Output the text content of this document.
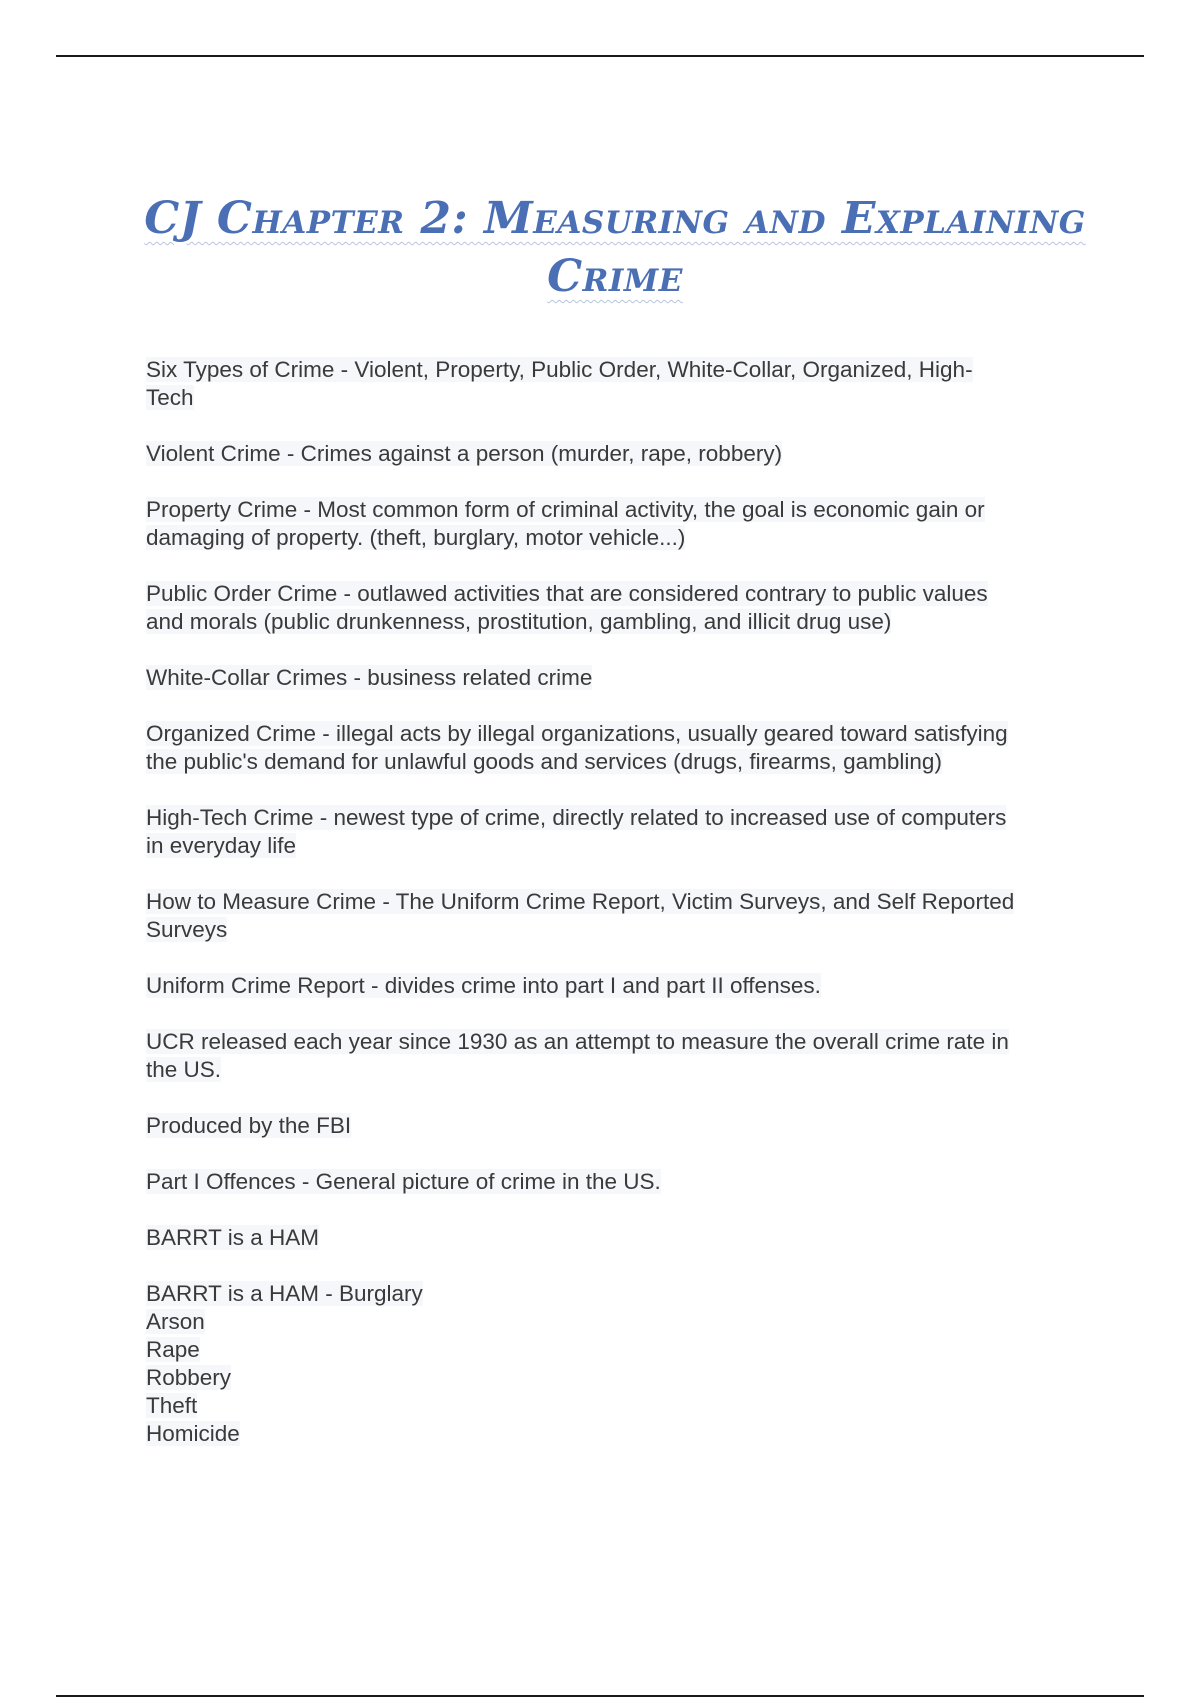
CJ Chapter 2: Measuring and Explaining
Crime

Six Types of Crime - Violent, Property, Public Order, White-Collar, Organized, High-
Tech

Violent Crime - Crimes against a person (murder, rape, robbery)

Property Crime - Most common form of criminal activity, the goal is economic gain or
damaging of property. (theft, burglary, motor vehicle...)

Public Order Crime - outlawed activities that are considered contrary to public values
and morals (public drunkenness, prostitution, gambling, and illicit drug use)

White-Collar Crimes - business related crime

Organized Crime - illegal acts by illegal organizations, usually geared toward satisfying
the public's demand for unlawful goods and services (drugs, firearms, gambling)

High-Tech Crime - newest type of crime, directly related to increased use of computers
in everyday life

How to Measure Crime - The Uniform Crime Report, Victim Surveys, and Self Reported
Surveys

Uniform Crime Report - divides crime into part I and part II offenses.

UCR released each year since 1930 as an attempt to measure the overall crime rate in
the US.

Produced by the FBI

Part I Offences - General picture of crime in the US.

BARRT is a HAM

BARRT is a HAM - Burglary
Arson
Rape
Robbery
Theft
Homicide
